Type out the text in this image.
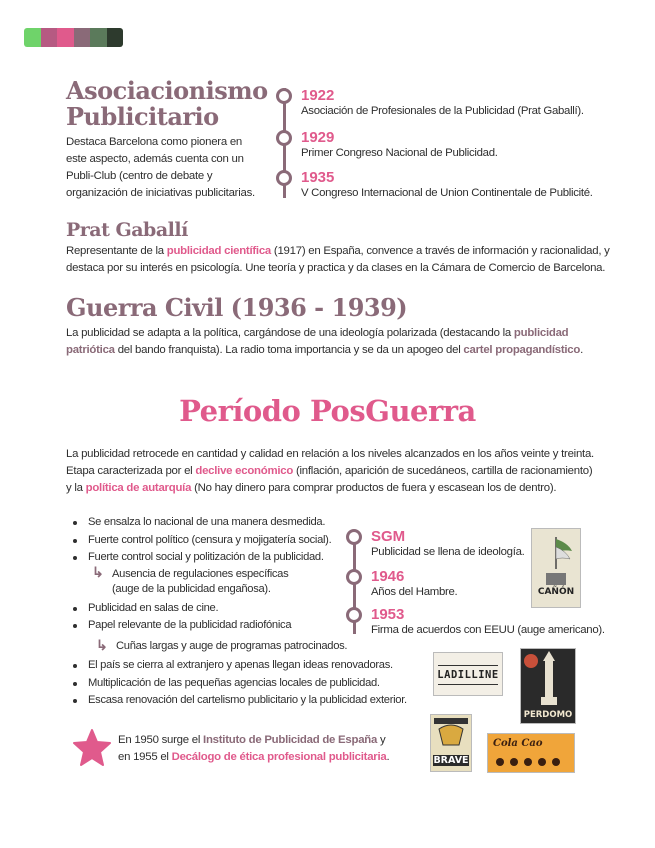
Asociacionismo
Publicitario
Destaca Barcelona como pionera en
este aspecto, además cuenta con un
Publi-Club (centro de debate y
organización de iniciativas publicitarias.
1922
Asociación de Profesionales de la Publicidad (Prat Gaballí).
1929
Primer Congreso Nacional de Publicidad.
1935
V Congreso Internacional de Union Continentale de Publicité.
Prat Gaballí
Representante de la publicidad científica (1917) en España, convence a través de información y racionalidad, y
destaca por su interés en psicología. Une teoría y practica y da clases en la Cámara de Comercio de Barcelona.
Guerra Civil (1936 - 1939)
La publicidad se adapta a la política, cargándose de una ideología polarizada (destacando la publicidad
patriótica del bando franquista). La radio toma importancia y se da un apogeo del cartel propagandístico.
Período PosGuerra
La publicidad retrocede en cantidad y calidad en relación a los niveles alcanzados en los años veinte y treinta.
Etapa caracterizada por el declive económico (inflación, aparición de sucedáneos, cartilla de racionamiento)
y la política de autarquía (No hay dinero para comprar productos de fuera y escasean los de dentro).
Se ensalza lo nacional de una manera desmedida.
Fuerte control político (censura y mojigatería social).
Fuerte control social y politización de la publicidad.
↳ Ausencia de regulaciones específicas
(auge de la publicidad engañosa).
Publicidad en salas de cine.
Papel relevante de la publicidad radiofónica
↳ Cuñas largas y auge de programas patrocinados.
El país se cierra al extranjero y apenas llegan ideas renovadoras.
Multiplicación de las pequeñas agencias locales de publicidad.
Escasa renovación del cartelismo publicitario y la publicidad exterior.
SGM
Publicidad se llena de ideología.
1946
Años del Hambre.
1953
Firma de acuerdos con EEUU (auge americano).
CAÑÓN
LADILLINE
PERDOMO
BRAVE
Cola Cao
En 1950 surge el Instituto de Publicidad de España y
en 1955 el Decálogo de ética profesional publicitaria.
